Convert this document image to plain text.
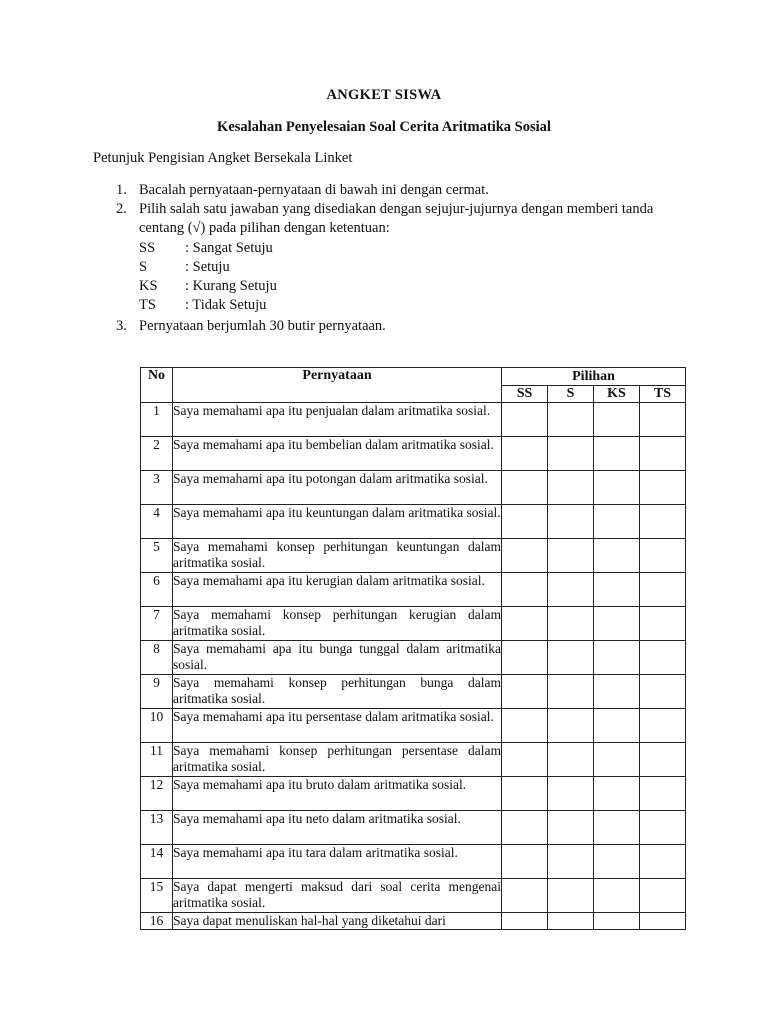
ANGKET SISWA
Kesalahan Penyelesaian Soal Cerita Aritmatika Sosial
Petunjuk Pengisian Angket Bersekala Linket
1. Bacalah pernyataan-pernyataan di bawah ini dengan cermat.
2. Pilih salah satu jawaban yang disediakan dengan sejujur-jujurnya dengan memberi tanda centang (√) pada pilihan dengan ketentuan:
SS	: Sangat Setuju
S	: Setuju
KS	: Kurang Setuju
TS	: Tidak Setuju
3. Pernyataan berjumlah 30 butir pernyataan.
No	Pernyataan	Pilihan			
		SS	S	KS	TS
1	Saya memahami apa itu penjualan dalam aritmatika sosial.				
2	Saya memahami apa itu bembelian dalam aritmatika sosial.				
3	Saya memahami apa itu potongan dalam aritmatika sosial.				
4	Saya memahami apa itu keuntungan dalam aritmatika sosial.				
5	Saya memahami konsep perhitungan keuntungan dalam aritmatika sosial.				
6	Saya memahami apa itu kerugian dalam aritmatika sosial.				
7	Saya memahami konsep perhitungan kerugian dalam aritmatika sosial.				
8	Saya memahami apa itu bunga tunggal dalam aritmatika sosial.				
9	Saya memahami konsep perhitungan bunga dalam aritmatika sosial.				
10	Saya memahami apa itu persentase dalam aritmatika sosial.				
11	Saya memahami konsep perhitungan persentase dalam aritmatika sosial.				
12	Saya memahami apa itu bruto dalam aritmatika sosial.				
13	Saya memahami apa itu neto dalam aritmatika sosial.				
14	Saya memahami apa itu tara dalam aritmatika sosial.				
15	Saya dapat mengerti maksud dari soal cerita mengenai aritmatika sosial.				
16	Saya dapat menuliskan hal-hal yang diketahui dari				
